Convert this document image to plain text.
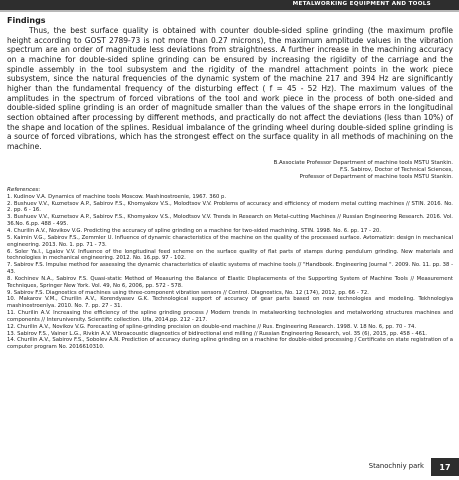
METALWORKING EQUIPMENT AND TOOLS
Findings

Thus, the best surface quality is obtained with counter double-sided spline grinding (the maximum profile height according to GOST 2789-73 is not more than 0.27 microns), the maximum amplitude values in the vibration spectrum are an order of magnitude less deviations from straightness. A further increase in the machining accuracy on a machine for double-sided spline grinding can be ensured by increasing the rigidity of the carriage and the spindle assembly in the tool subsystem and the rigidity of the mandrel attachment points in the work piece subsystem, since the natural frequencies of the dynamic system of the machine 217 and 394 Hz are significantly higher than the fundamental frequency of the disturbing effect ( f = 45 - 52 Hz). The maximum values of the amplitudes in the spectrum of forced vibrations of the tool and work piece in the process of both one-sided and double-sided spline grinding is an order of magnitude smaller than the values of the shape errors in the longitudinal section obtained after processing by different methods, and practically do not affect the deviations (less than 10%) of the shape and location of the splines. Residual imbalance of the grinding wheel during double-sided spline grinding is a source of forced vibrations, which has the strongest effect on the surface quality in all methods of machining on the machine.

B.Associate Professor Department of machine tools MSTU Stankin.
F.S. Sabirov, Doctor of Technical Sciences,
Professor of Department of machine tools MSTU Stankin.
References:
1. Kudinov V.A. Dynamics of machine tools Moscow. Mashinostroenie, 1967. 360 p.
2. Bushuev V.V., Kuznetsov A.P., Sabirov F.S., Khomyakov V.S., Molodtsov V.V. Problems of accuracy and efficiency of modern metal cutting machines // STIN. 2016. No. 2. pp. 6 - 16.
3. Bushuev V.V., Kuznetsov A.P., Sabirov F.S., Khomyakov V.S., Molodtsov V.V. Trends in Research on Metal-cutting Machines // Russian Engineering Research. 2016. Vol. 36.No. 6.pp. 488 - 495.
4. Churilin A.V., Novikov V.G. Predicting the accuracy of spline grinding on a machine for two-sided machining. STIN. 1998. No. 6. pp. 17 - 20.
5. Kaimin V.G., Sabirov F.S., Zemmler U. Influence of dynamic characteristics of the machine on the quality of the processed surface. Avtomatizir: design in mechanical engineering. 2013. No. 1. pp. 71 - 73.
6. Soler Ya.I., Lgalov V.V. Influence of the longitudinal feed scheme on the surface quality of flat parts of stamps during pendulum grinding. New materials and technologies in mechanical engineering. 2012. No. 16.pp. 97 - 102.
7. Sabirov F.S. Impulse method for assessing the dynamic characteristics of elastic systems of machine tools // "Handbook. Engineering Journal ". 2009. No. 11. pp. 38 - 43.
8. Kochinev N.A., Sabirov F.S. Quasi-static Method of Measuring the Balance of Elastic Displacements of the Supporting System of Machine Tools // Measurement Techniques, Springer New York. Vol. 49, No 6, 2006, pp. 572 - 578.
9. Sabirov F.S. Diagnostics of machines using three-component vibration sensors // Control. Diagnostics, No. 12 (174), 2012, pp. 66 - 72.
10. Makarov V.M., Churilin A.V., Korendyasev G.K. Technological support of accuracy of gear parts based on new technologies and modeling. Tekhnologiya mashinostroeniya. 2010. No. 7. pp. 27 - 31.
11. Churilin A.V. Increasing the efficiency of the spline grinding process / Modern trends in metalworking technologies and metalworking structures machines and components // Interuniversity. Scientific collection. Ufa, 2014.pp. 212 - 217.
12. Churilin A.V., Novikov V.G. Forecasting of spline-grinding precision on double-end machine // Rus. Engineering Research. 1998. V. 18 No. 6, pp. 70 - 74.
13. Sabirov F.S., Vainer L.G., Rivkin A.V. Vibroacoustic diagnostics of bidirectional end milling // Russian Engineering Research, vol. 35 (6), 2015, pp. 458 - 461.
14. Churilin A.V., Sabirov F.S., Sobolev A.N. Prediction of accuracy during spline grinding on a machine for double-sided processing / Certificate on state registration of a computer program No. 2016610310.
Stanochniy park	17
